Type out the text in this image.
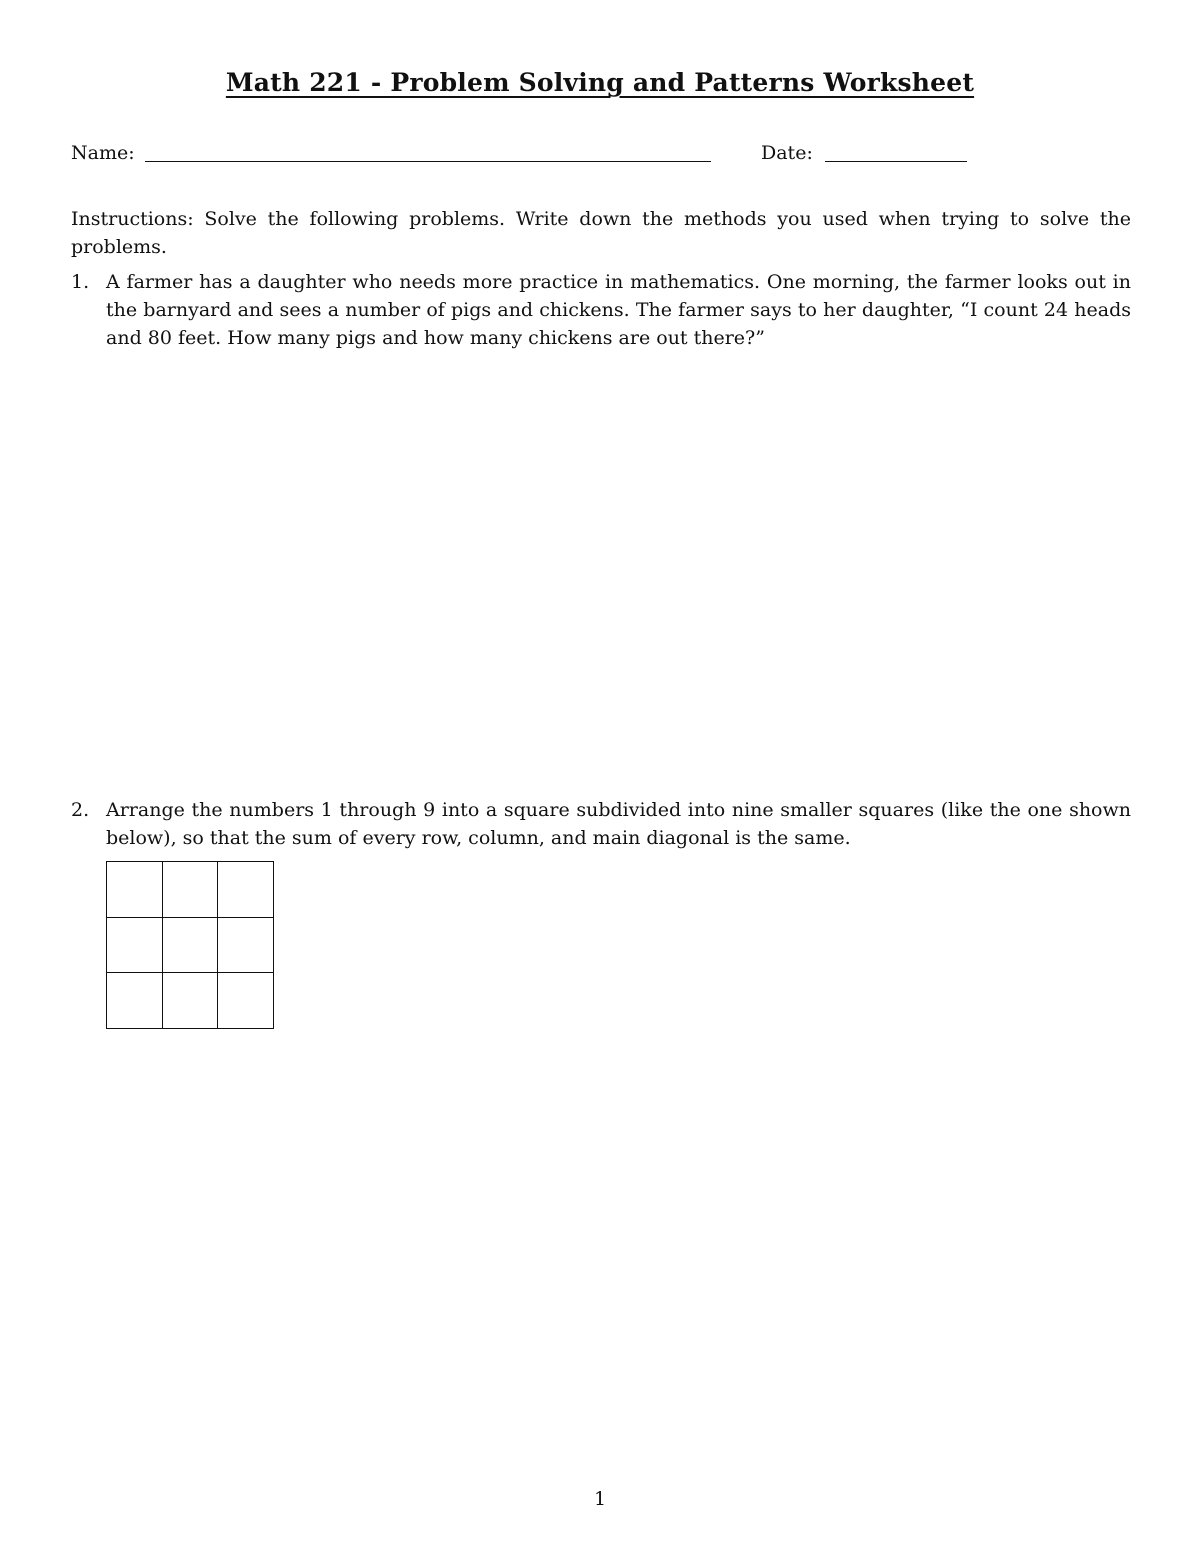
Math 221 - Problem Solving and Patterns Worksheet
Name:	Date:
Instructions: Solve the following problems. Write down the methods you used when trying to solve the problems.
1. A farmer has a daughter who needs more practice in mathematics. One morning, the farmer looks out in the barnyard and sees a number of pigs and chickens. The farmer says to her daughter, “I count 24 heads and 80 feet. How many pigs and how many chickens are out there?”
2. Arrange the numbers 1 through 9 into a square subdivided into nine smaller squares (like the one shown below), so that the sum of every row, column, and main diagonal is the same.

1
